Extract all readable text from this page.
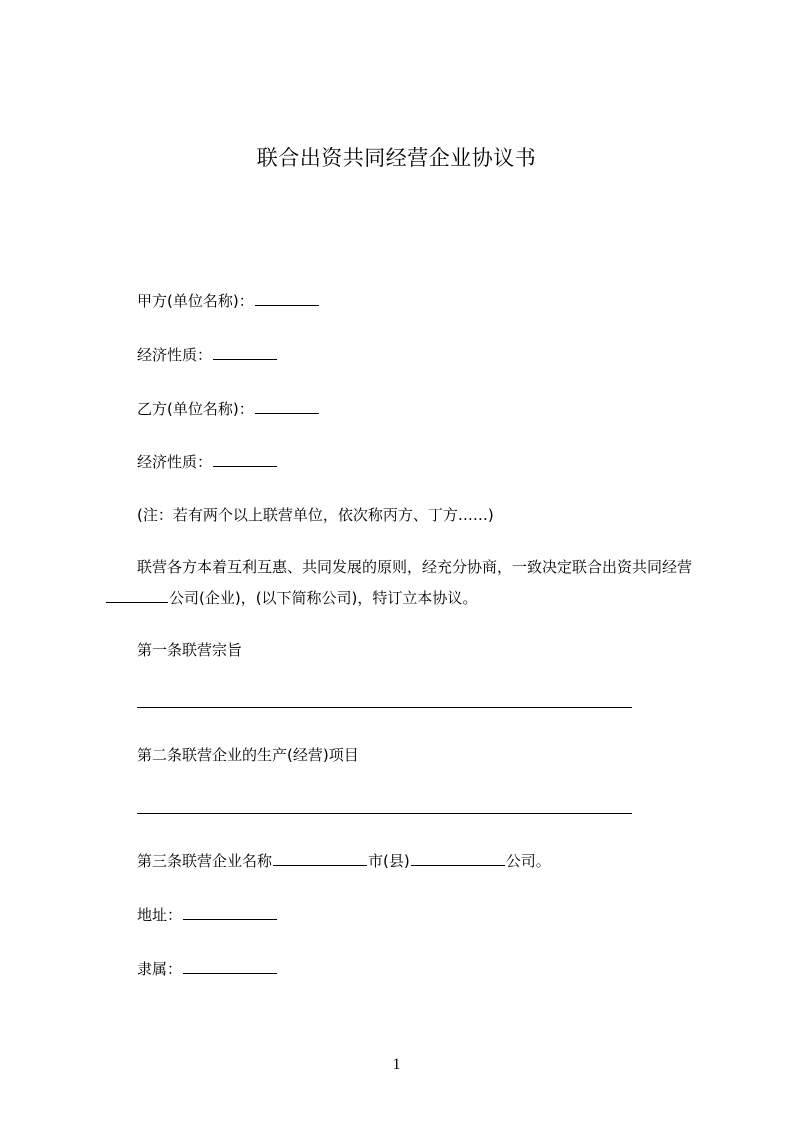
联合出资共同经营企业协议书
甲方(单位名称)：
经济性质：
乙方(单位名称)：
经济性质：
(注：若有两个以上联营单位，依次称丙方、丁方……)
联营各方本着互利互惠、共同发展的原则，经充分协商，一致决定联合出资共同经营公司(企业)，(以下简称公司)，特订立本协议。
第一条联营宗旨
第二条联营企业的生产(经营)项目
第三条联营企业名称	市(县)	公司。
地址：
隶属：
1
